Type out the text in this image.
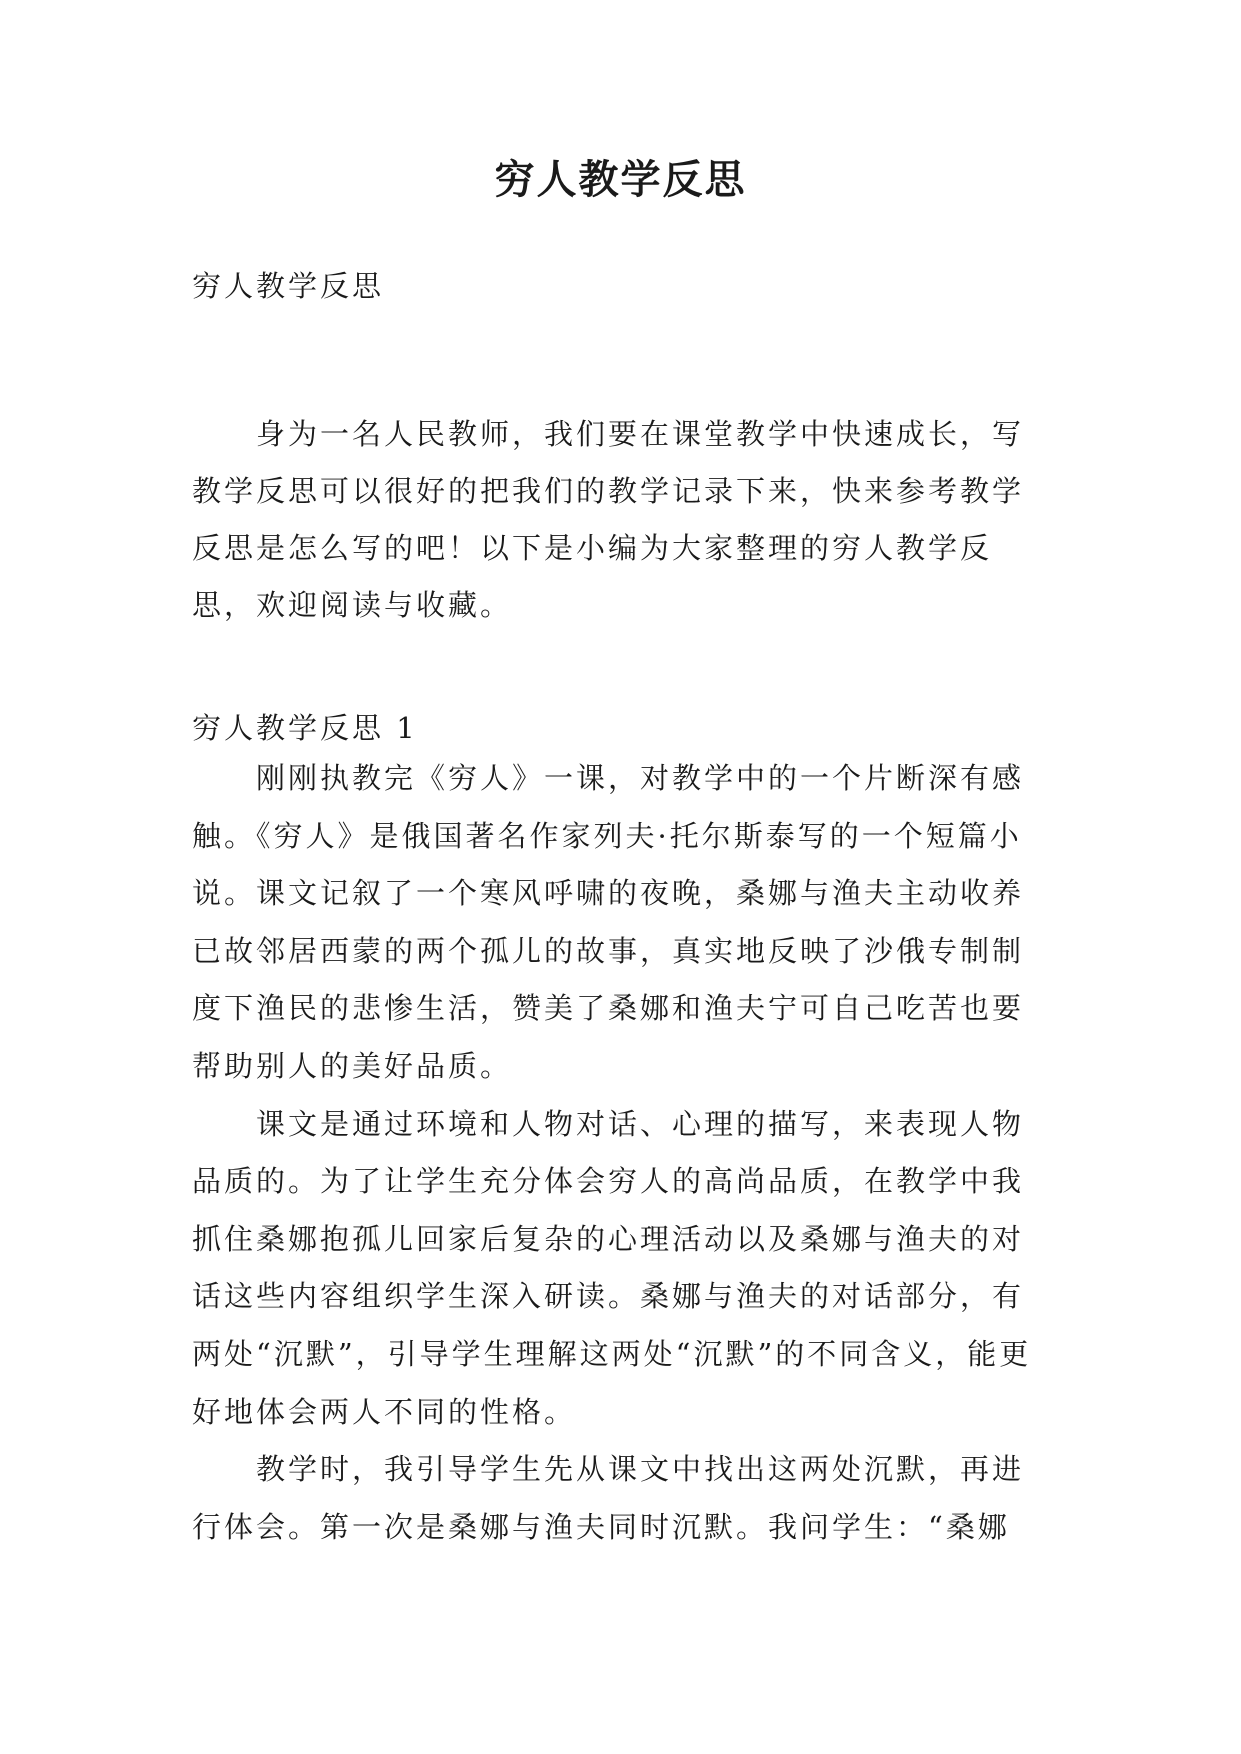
穷人教学反思

穷人教学反思

身为一名人民教师，我们要在课堂教学中快速成长，写教学反思可以很好的把我们的教学记录下来，快来参考教学反思是怎么写的吧！以下是小编为大家整理的穷人教学反思，欢迎阅读与收藏。

穷人教学反思 1

刚刚执教完《穷人》一课，对教学中的一个片断深有感触。《穷人》是俄国著名作家列夫·托尔斯泰写的一个短篇小说。课文记叙了一个寒风呼啸的夜晚，桑娜与渔夫主动收养已故邻居西蒙的两个孤儿的故事，真实地反映了沙俄专制制度下渔民的悲惨生活，赞美了桑娜和渔夫宁可自己吃苦也要帮助别人的美好品质。

课文是通过环境和人物对话、心理的描写，来表现人物品质的。为了让学生充分体会穷人的高尚品质，在教学中我抓住桑娜抱孤儿回家后复杂的心理活动以及桑娜与渔夫的对话这些内容组织学生深入研读。桑娜与渔夫的对话部分，有两处“沉默”，引导学生理解这两处“沉默”的不同含义，能更好地体会两人不同的性格。

教学时，我引导学生先从课文中找出这两处沉默，再进行体会。第一次是桑娜与渔夫同时沉默。我问学生：“桑娜
